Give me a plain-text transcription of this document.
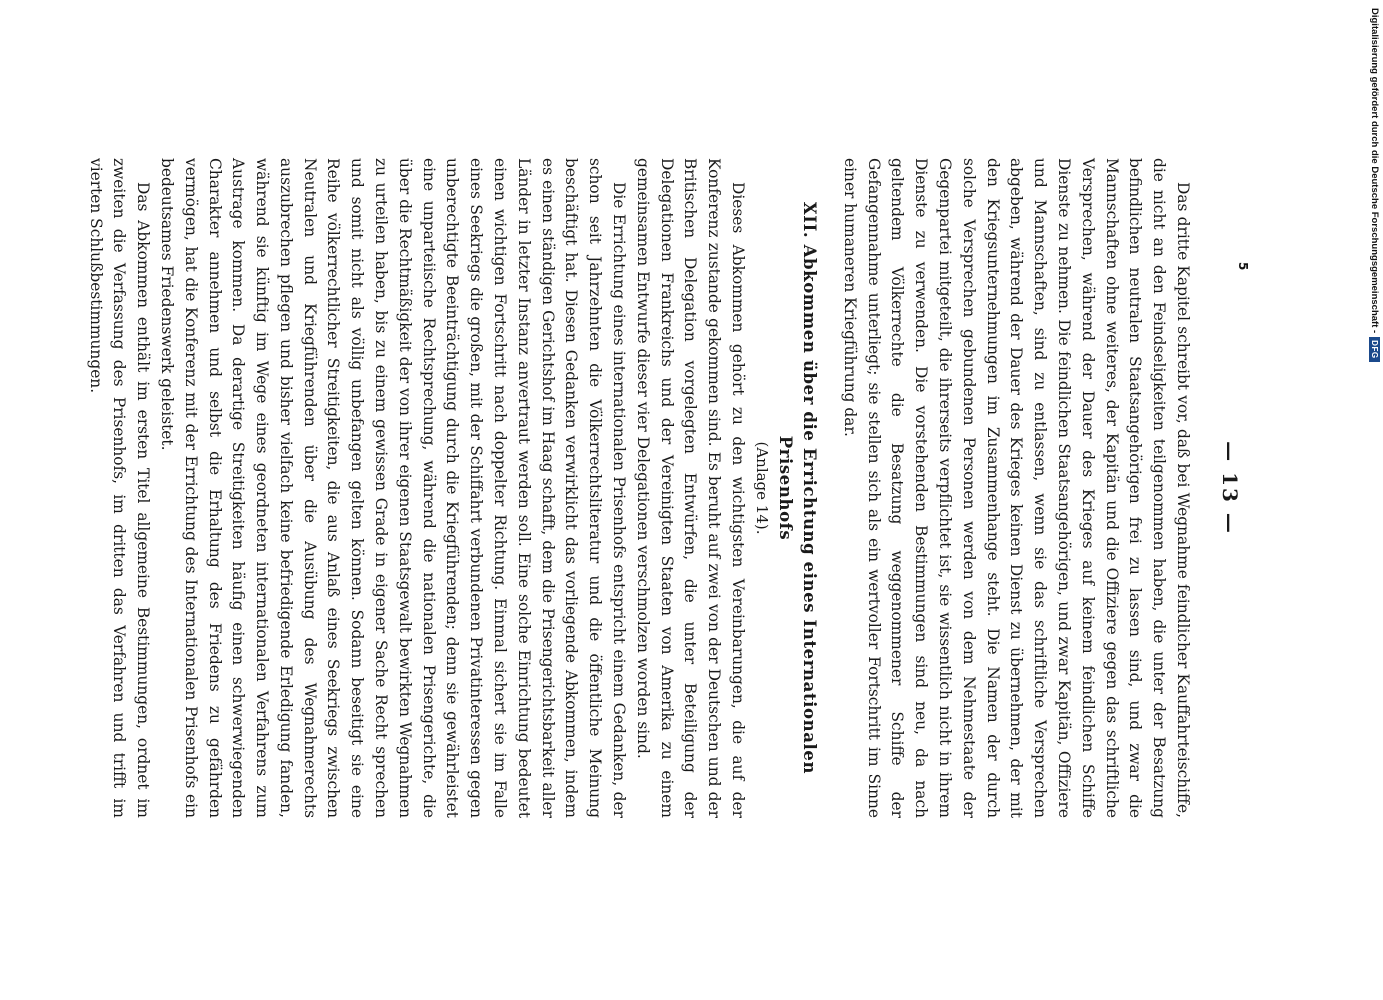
— 13 —

Das dritte Kapitel schreibt vor, daß bei Wegnahme feindlicher Kauffahrteischiffe, die nicht an den Feindseligkeiten teilgenommen haben, die unter der Besatzung befindlichen neutralen Staatsangehörigen frei zu lassen sind, und zwar die Mannschaften ohne weiteres, der Kapitän und die Offiziere gegen das schriftliche Versprechen, während der Dauer des Krieges auf keinem feindlichen Schiffe Dienste zu nehmen. Die feindlichen Staatsangehörigen, und zwar Kapitän, Offiziere und Mannschaften, sind zu entlassen, wenn sie das schriftliche Versprechen abgeben, während der Dauer des Krieges keinen Dienst zu übernehmen, der mit den Kriegsunternehmungen im Zusammenhange steht. Die Namen der durch solche Versprechen gebundenen Personen werden von dem Nehmestaate der Gegenpartei mitgeteilt, die ihrerseits verpflichtet ist, sie wissentlich nicht in ihrem Dienste zu verwenden. Die vorstehenden Bestimmungen sind neu, da nach geltendem Völkerrechte die Besatzung weggenommener Schiffe der Gefangennahme unterliegt; sie stellen sich als ein wertvoller Fortschritt im Sinne einer humaneren Kriegführung dar.

XII. Abkommen über die Errichtung eines Internationalen Prisenhofs
(Anlage 14).

Dieses Abkommen gehört zu den wichtigsten Vereinbarungen, die auf der Konferenz zustande gekommen sind. Es beruht auf zwei von der Deutschen und der Britischen Delegation vorgelegten Entwürfen, die unter Beteiligung der Delegationen Frankreichs und der Vereinigten Staaten von Amerika zu einem gemeinsamen Entwurfe dieser vier Delegationen verschmolzen worden sind.

Die Errichtung eines internationalen Prisenhofs entspricht einem Gedanken, der schon seit Jahrzehnten die Völkerrechtsliteratur und die öffentliche Meinung beschäftigt hat. Diesen Gedanken verwirklicht das vorliegende Abkommen, indem es einen ständigen Gerichtshof im Haag schafft, dem die Prisengerichtsbarkeit aller Länder in letzter Instanz anvertraut werden soll. Eine solche Einrichtung bedeutet einen wichtigen Fortschritt nach doppelter Richtung. Einmal sichert sie im Falle eines Seekriegs die großen, mit der Schiffahrt verbundenen Privatinteressen gegen unberechtigte Beeinträchtigung durch die Kriegführenden; denn sie gewährleistet eine unparteiische Rechtsprechung, während die nationalen Prisengerichte, die über die Rechtmäßigkeit der von ihrer eigenen Staatsgewalt bewirkten Wegnahmen zu urteilen haben, bis zu einem gewissen Grade in eigener Sache Recht sprechen und somit nicht als völlig unbefangen gelten können. Sodann beseitigt sie eine Reihe völkerrechtlicher Streitigkeiten, die aus Anlaß eines Seekriegs zwischen Neutralen und Kriegführenden über die Ausübung des Wegnahmerechts auszubrechen pflegen und bisher vielfach keine befriedigende Erledigung fanden, während sie künftig im Wege eines geordneten internationalen Verfahrens zum Austrage kommen. Da derartige Streitigkeiten häufig einen schwerwiegenden Charakter annehmen und selbst die Erhaltung des Friedens zu gefährden vermögen, hat die Konferenz mit der Errichtung des Internationalen Prisenhofs ein bedeutsames Friedenswerk geleistet.

Das Abkommen enthält im ersten Titel allgemeine Bestimmungen, ordnet im zweiten die Verfassung des Prisenhofs, im dritten das Verfahren und trifft im vierten Schlußbestimmungen.	5	Digitalisierung gefördert durch die Deutsche Forschungsgemeinschaft -
DFG
